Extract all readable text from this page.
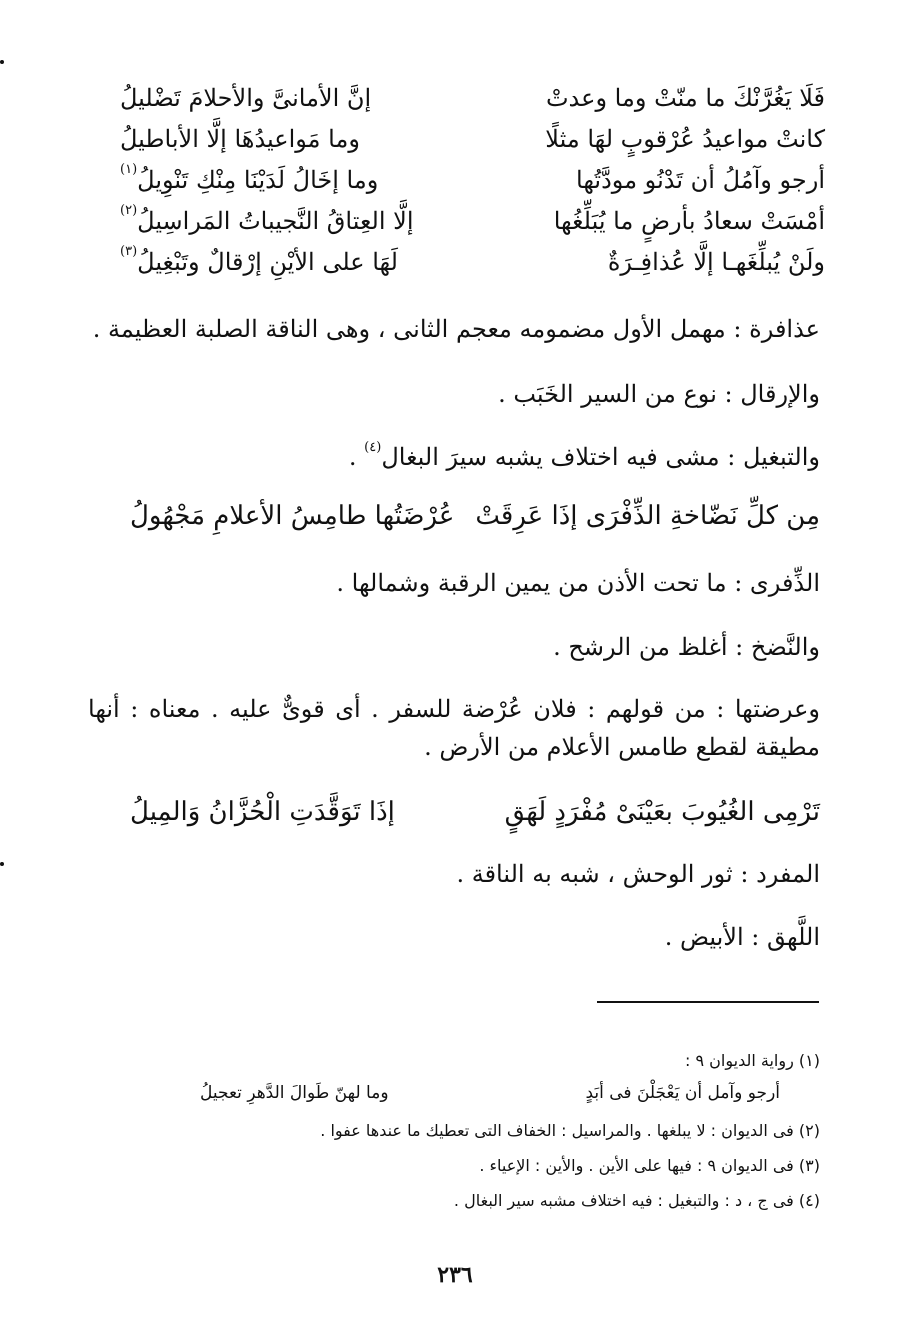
فَلَا يَغُرَّنْكَ ما منّتْ وما وعدتْ
إنَّ الأمانىَّ والأحلامَ تَضْليلُ
كانتْ مواعيدُ عُرْقوبٍ لهَا مثلًا
وما مَواعيدُهَا إلَّا الأباطيلُ
أرجو وآمُلُ أن تَدْنُو مودَّتُها
وما إخَالُ لَدَيْنَا مِنْكِ تَنْوِيلُ$^{(١)}$
أمْسَتْ سعادُ بأرضٍ ما يُبَلِّغُها
إلَّا العِتاقُ النَّجيباتُ المَراسِيلُ$^{(٢)}$
ولَنْ يُبلِّغَهـا إلَّا عُذافِـرَةٌ
لَهَا على الأيْنِ إرْقالٌ وتَبْغِيلُ$^{(٣)}$
عذافرة : مهمل الأول مضمومه معجم الثانى ، وهى الناقة الصلبة العظيمة .
والإرقال : نوع من السير الخَبَب .
والتبغيل : مشى فيه اختلاف يشبه سيرَ البغال$^{(٤)}$ .
مِن كلِّ نَضّاخةِ الذِّفْرَى إذَا عَرِقَتْ
عُرْضَتُها طامِسُ الأعلامِ مَجْهُولُ
الذِّفرى : ما تحت الأذن من يمين الرقبة وشمالها .
والنَّضخ : أغلظ من الرشح .
وعرضتها : من قولهم : فلان عُرْضة للسفر . أى قوىٌّ عليه . معناه : أنها مطيقة لقطع طامس الأعلام من الأرض .
تَرْمِى الغُيُوبَ بعَيْنَىْ مُفْرَدٍ لَهَقٍ
إذَا تَوَقَّدَتِ الْحُزَّانُ وَالمِيلُ
المفرد : ثور الوحش ، شبه به الناقة .
اللَّهق : الأبيض .
(١) رواية الديوان ٩ :
أرجو وآمل أن يَعْجَلْنَ فى أبَدٍ
وما لهنّ طَوالَ الدَّهرِ تعجيلُ
(٢) فى الديوان : لا يبلغها . والمراسيل : الخفاف التى تعطيك ما عندها عفوا .
(٣) فى الديوان ٩ : فيها على الأين . والأين : الإعياء .
(٤) فى ج ، د : والتبغيل : فيه اختلاف مشبه سير البغال .
٢٣٦
